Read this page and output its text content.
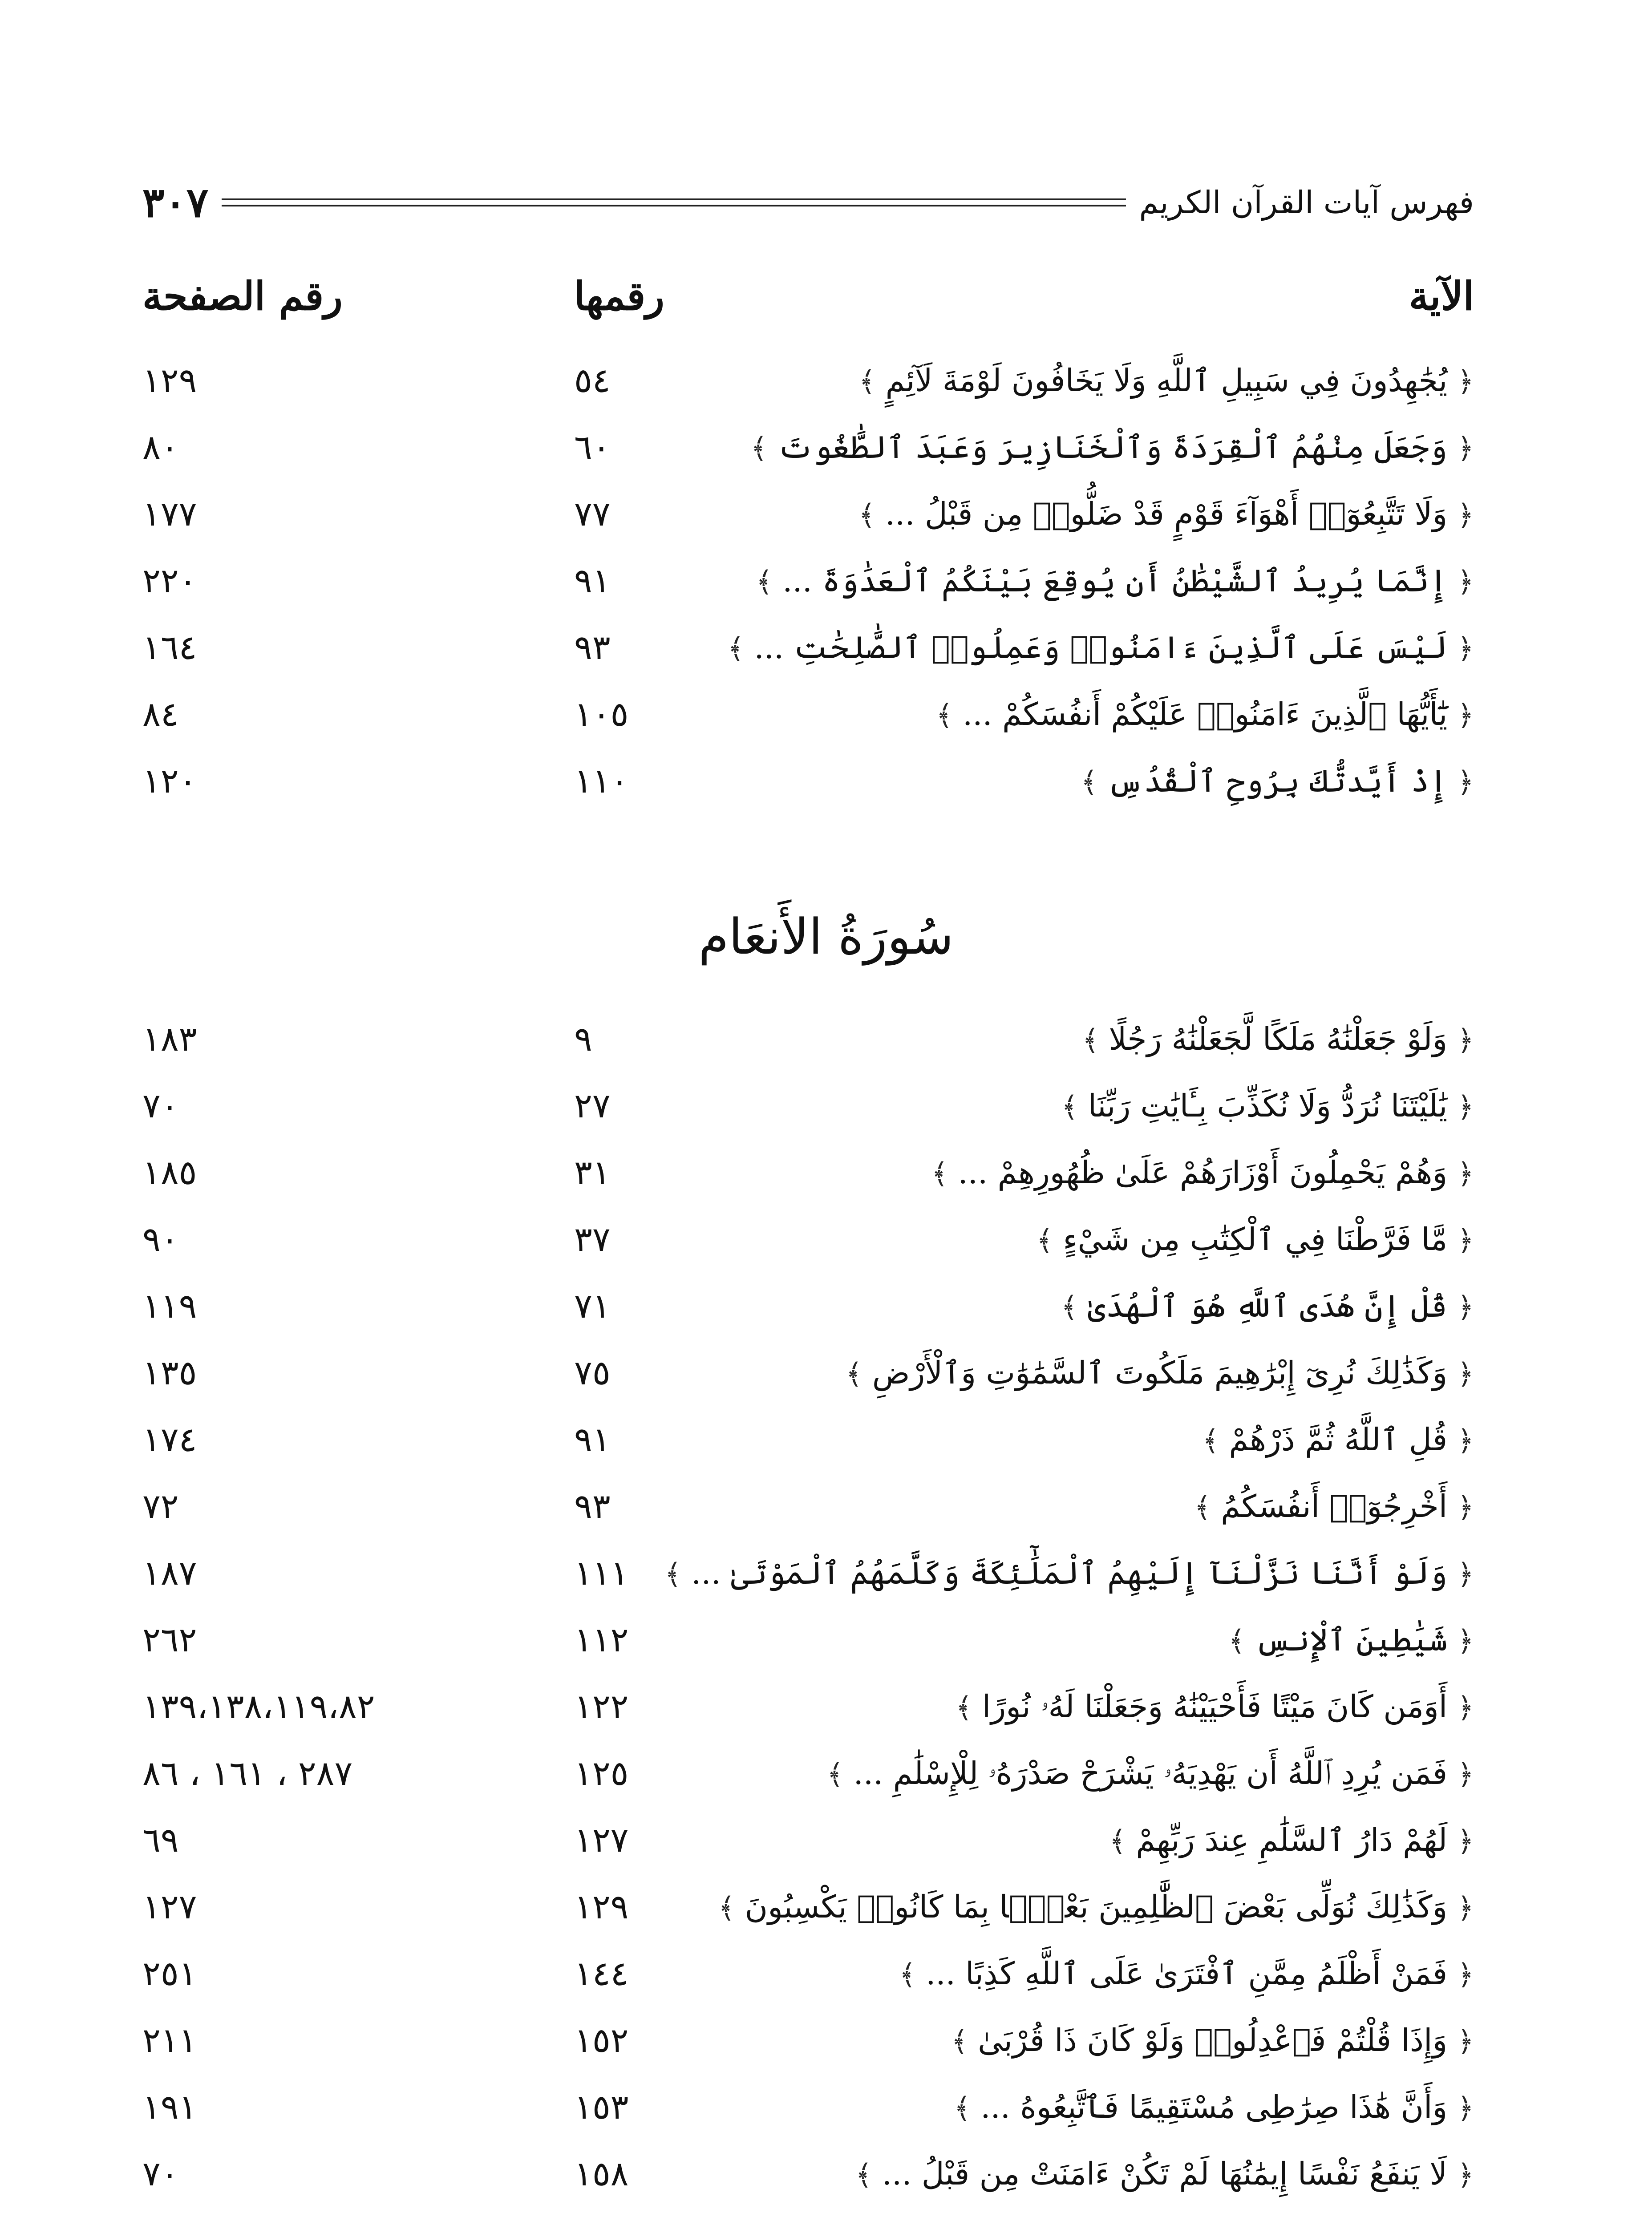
فهرس آيات القرآن الكريم
٣٠٧
الآية
رقمها
رقم الصفحة
﴿ يُجَٰهِدُونَ فِي سَبِيلِ ٱللَّهِ وَلَا يَخَافُونَ لَوْمَةَ لَآئِمٍ ﴾
٥٤
١٢٩
﴿ وَجَعَلَ مِنْهُمُ ٱلْقِرَدَةَ وَٱلْخَنَازِيرَ وَعَبَدَ ٱلطَّٰغُوتَ ﴾
٦٠
٨٠
﴿ وَلَا تَتَّبِعُوٓا۟ أَهْوَآءَ قَوْمٍ قَدْ ضَلُّوا۟ مِن قَبْلُ ... ﴾
٧٧
١٧٧
﴿ إِنَّمَا يُرِيدُ ٱلشَّيْطَٰنُ أَن يُوقِعَ بَيْنَكُمُ ٱلْعَدَٰوَةَ ... ﴾
٩١
٢٢٠
﴿ لَيْسَ عَلَى ٱلَّذِينَ ءَامَنُوا۟ وَعَمِلُوا۟ ٱلصَّٰلِحَٰتِ ... ﴾
٩٣
١٦٤
﴿ يَٰٓأَيُّهَا ٱلَّذِينَ ءَامَنُوا۟ عَلَيْكُمْ أَنفُسَكُمْ ... ﴾
١٠٥
٨٤
﴿ إِذْ أَيَّدتُّكَ بِرُوحِ ٱلْقُدُسِ ﴾
١١٠
١٢٠
سُورَةُ الأَنعَام
﴿ وَلَوْ جَعَلْنَٰهُ مَلَكًا لَّجَعَلْنَٰهُ رَجُلًا ﴾
٩
١٨٣
﴿ يَٰلَيْتَنَا نُرَدُّ وَلَا نُكَذِّبَ بِـَٔايَٰتِ رَبِّنَا ﴾
٢٧
٧٠
﴿ وَهُمْ يَحْمِلُونَ أَوْزَارَهُمْ عَلَىٰ ظُهُورِهِمْ ... ﴾
٣١
١٨٥
﴿ مَّا فَرَّطْنَا فِي ٱلْكِتَٰبِ مِن شَيْءٍ ﴾
٣٧
٩٠
﴿ قُلْ إِنَّ هُدَى ٱللَّهِ هُوَ ٱلْهُدَىٰ ﴾
٧١
١١٩
﴿ وَكَذَٰلِكَ نُرِىٓ إِبْرَٰهِيمَ مَلَكُوتَ ٱلسَّمَٰوَٰتِ وَٱلْأَرْضِ ﴾
٧٥
١٣٥
﴿ قُلِ ٱللَّهُ ثُمَّ ذَرْهُمْ ﴾
٩١
١٧٤
﴿ أَخْرِجُوٓا۟ أَنفُسَكُمُ ﴾
٩٣
٧٢
﴿ وَلَوْ أَنَّنَا نَزَّلْنَآ إِلَيْهِمُ ٱلْمَلَٰٓئِكَةَ وَكَلَّمَهُمُ ٱلْمَوْتَىٰ ... ﴾
١١١
١٨٧
﴿ شَيَٰطِينَ ٱلْإِنسِ ﴾
١١٢
٢٦٢
﴿ أَوَمَن كَانَ مَيْتًا فَأَحْيَيْنَٰهُ وَجَعَلْنَا لَهُۥ نُورًا ﴾
١٢٢
١٣٩،١٣٨،١١٩،٨٢
﴿ فَمَن يُرِدِ ٱللَّهُ أَن يَهْدِيَهُۥ يَشْرَحْ صَدْرَهُۥ لِلْإِسْلَٰمِ ... ﴾
١٢٥
٢٨٧ ، ١٦١ ، ٨٦
﴿ لَهُمْ دَارُ ٱلسَّلَٰمِ عِندَ رَبِّهِمْ ﴾
١٢٧
٦٩
﴿ وَكَذَٰلِكَ نُوَلِّى بَعْضَ ٱلظَّٰلِمِينَ بَعْضًۢا بِمَا كَانُوا۟ يَكْسِبُونَ ﴾
١٢٩
١٢٧
﴿ فَمَنْ أَظْلَمُ مِمَّنِ ٱفْتَرَىٰ عَلَى ٱللَّهِ كَذِبًا ... ﴾
١٤٤
٢٥١
﴿ وَإِذَا قُلْتُمْ فَٱعْدِلُوا۟ وَلَوْ كَانَ ذَا قُرْبَىٰ ﴾
١٥٢
٢١١
﴿ وَأَنَّ هَٰذَا صِرَٰطِى مُسْتَقِيمًا فَٱتَّبِعُوهُ ... ﴾
١٥٣
١٩١
﴿ لَا يَنفَعُ نَفْسًا إِيمَٰنُهَا لَمْ تَكُنْ ءَامَنَتْ مِن قَبْلُ ... ﴾
١٥٨
٧٠
